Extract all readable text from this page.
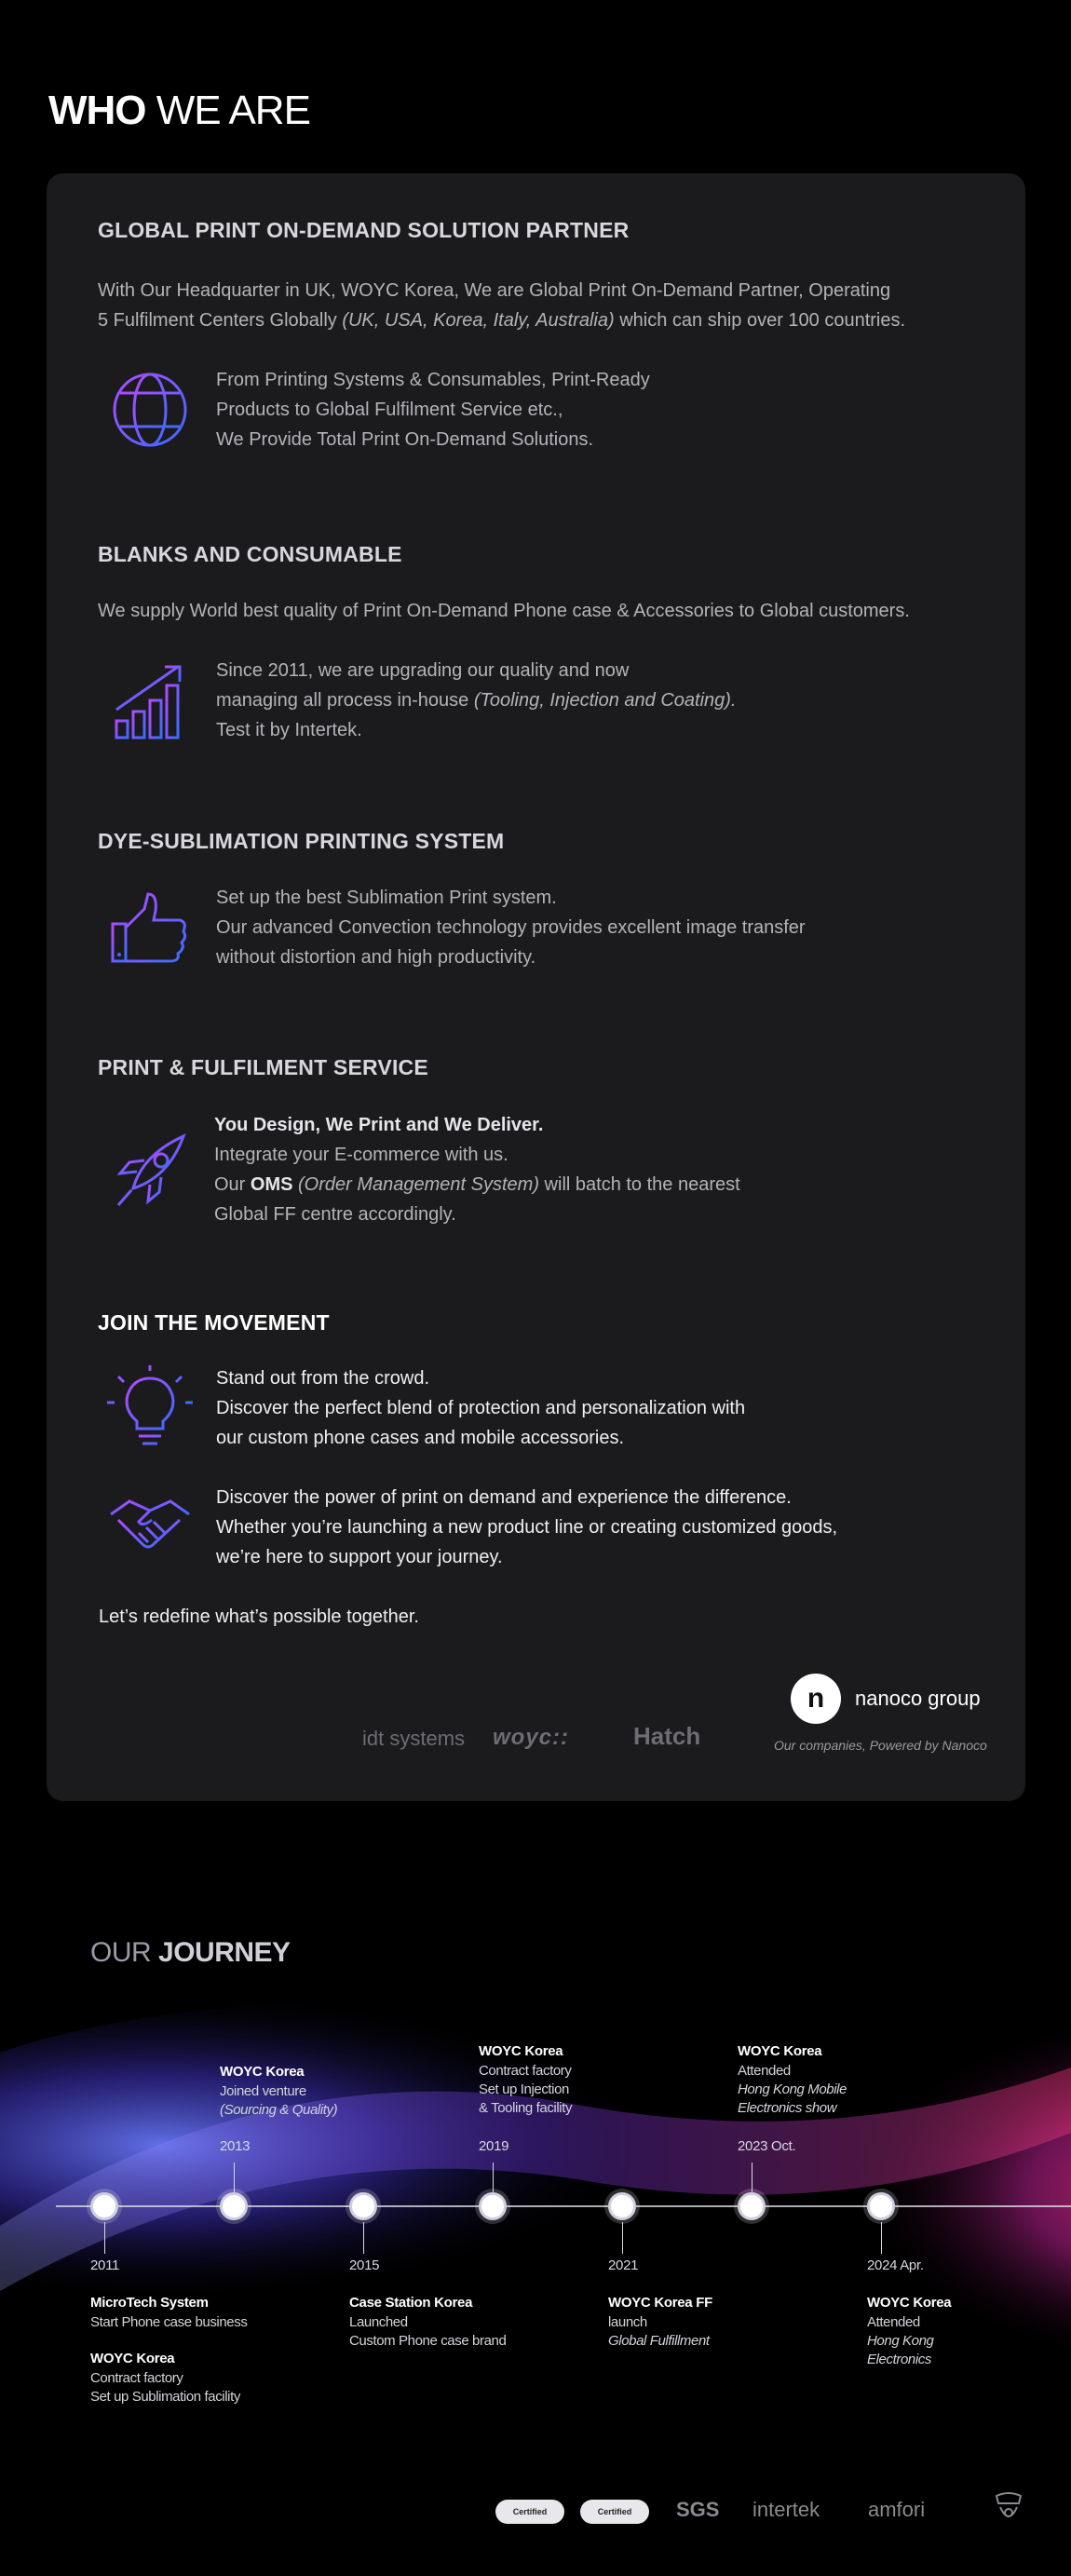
WHO WE ARE
GLOBAL PRINT ON-DEMAND SOLUTION PARTNER
With Our Headquarter in UK, WOYC Korea, We are Global Print On-Demand Partner, Operating
5 Fulfilment Centers Globally (UK, USA, Korea, Italy, Australia) which can ship over 100 countries.
From Printing Systems & Consumables, Print-Ready
Products to Global Fulfilment Service etc.,
We Provide Total Print On-Demand Solutions.
BLANKS AND CONSUMABLE
We supply World best quality of Print On-Demand Phone case & Accessories to Global customers.
Since 2011, we are upgrading our quality and now
managing all process in-house (Tooling, Injection and Coating).
Test it by Intertek.
DYE-SUBLIMATION PRINTING SYSTEM
Set up the best Sublimation Print system.
Our advanced Convection technology provides excellent image transfer
without distortion and high productivity.
PRINT & FULFILMENT SERVICE
You Design, We Print and We Deliver.
Integrate your E-commerce with us.
Our OMS (Order Management System) will batch to the nearest
Global FF centre accordingly.
JOIN THE MOVEMENT
Stand out from the crowd.
Discover the perfect blend of protection and personalization with
our custom phone cases and mobile accessories.
Discover the power of print on demand and experience the difference.
Whether you’re launching a new product line or creating customized goods,
we’re here to support your journey.
Let’s redefine what’s possible together.
idt systems woyc::	Hatch
n	nanoco group
Our companies, Powered by Nanoco
OUR JOURNEY
2013
WOYC Korea
Joined venture
(Sourcing & Quality)
2019
WOYC Korea
Contract factory
Set up Injection
& Tooling facility
2023 Oct.
WOYC Korea
Attended
Hong Kong Mobile
Electronics show
2011
MicroTech System
Start Phone case business
WOYC Korea
Contract factory
Set up Sublimation facility
2015
Case Station Korea
Launched
Custom Phone case brand
2021
WOYC Korea FF
launch
Global Fulfillment
2024 Apr.
WOYC Korea
Attended
Hong Kong
Electronics
Certified	Certified	SGS intertek amfori
